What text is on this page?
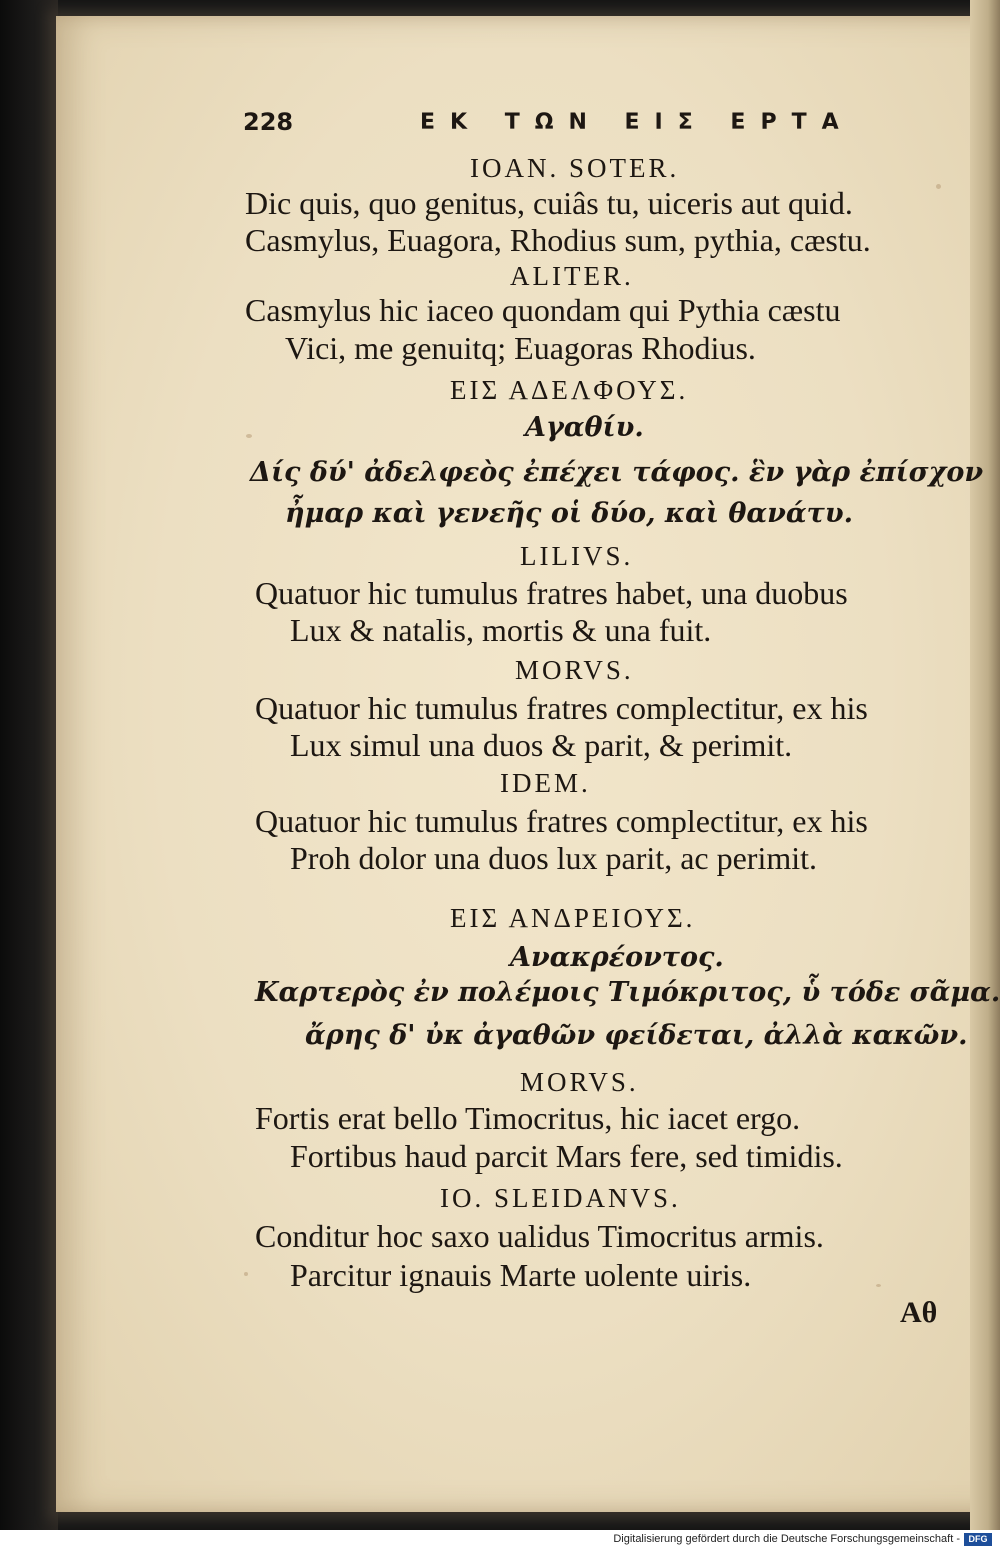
228	ΕΚ ΤΩΝ ΕΙΣ ΕΡΤΑ
IOAN. SOTER.
Dic quis, quo genitus, cuiâs tu, uiceris aut quid.
Casmylus, Euagora, Rhodius sum, pythia, cæstu.
ALITER.
Casmylus hic iaceo quondam qui Pythia cæstu
Vici, me genuitq; Euagoras Rhodius.
ΕΙΣ ΑΔΕΛΦΟΥΣ.
Αγαθίυ.
Δίς δύ' ἀδελφεὸς ἐπέχει τάφος. ἓν γὰρ ἐπίσχον
ἦμαρ καὶ γενεῆς οἱ δύο, καὶ θανάτυ.
LILIVS.
Quatuor hic tumulus fratres habet, una duobus
Lux & natalis, mortis & una fuit.
MORVS.
Quatuor hic tumulus fratres complectitur, ex his
Lux simul una duos & parit, & perimit.
IDEM.
Quatuor hic tumulus fratres complectitur, ex his
Proh dolor una duos lux parit, ac perimit.
ΕΙΣ ΑΝΔΡΕΙΟΥΣ.
Ανακρέοντος.
Καρτερὸς ἐν πολέμοις Τιμόκριτος, ὗ τόδε σᾶμα.
ἄρης δ' ὐκ ἀγαθῶν φείδεται, ἀλλὰ κακῶν.
MORVS.
Fortis erat bello Timocritus, hic iacet ergo.
Fortibus haud parcit Mars fere, sed timidis.
IO. SLEIDANVS.
Conditur hoc saxo ualidus Timocritus armis.
Parcitur ignauis Marte uolente uiris.
Aθ
Digitalisierung gefördert durch die Deutsche Forschungsgemeinschaft - DFG
